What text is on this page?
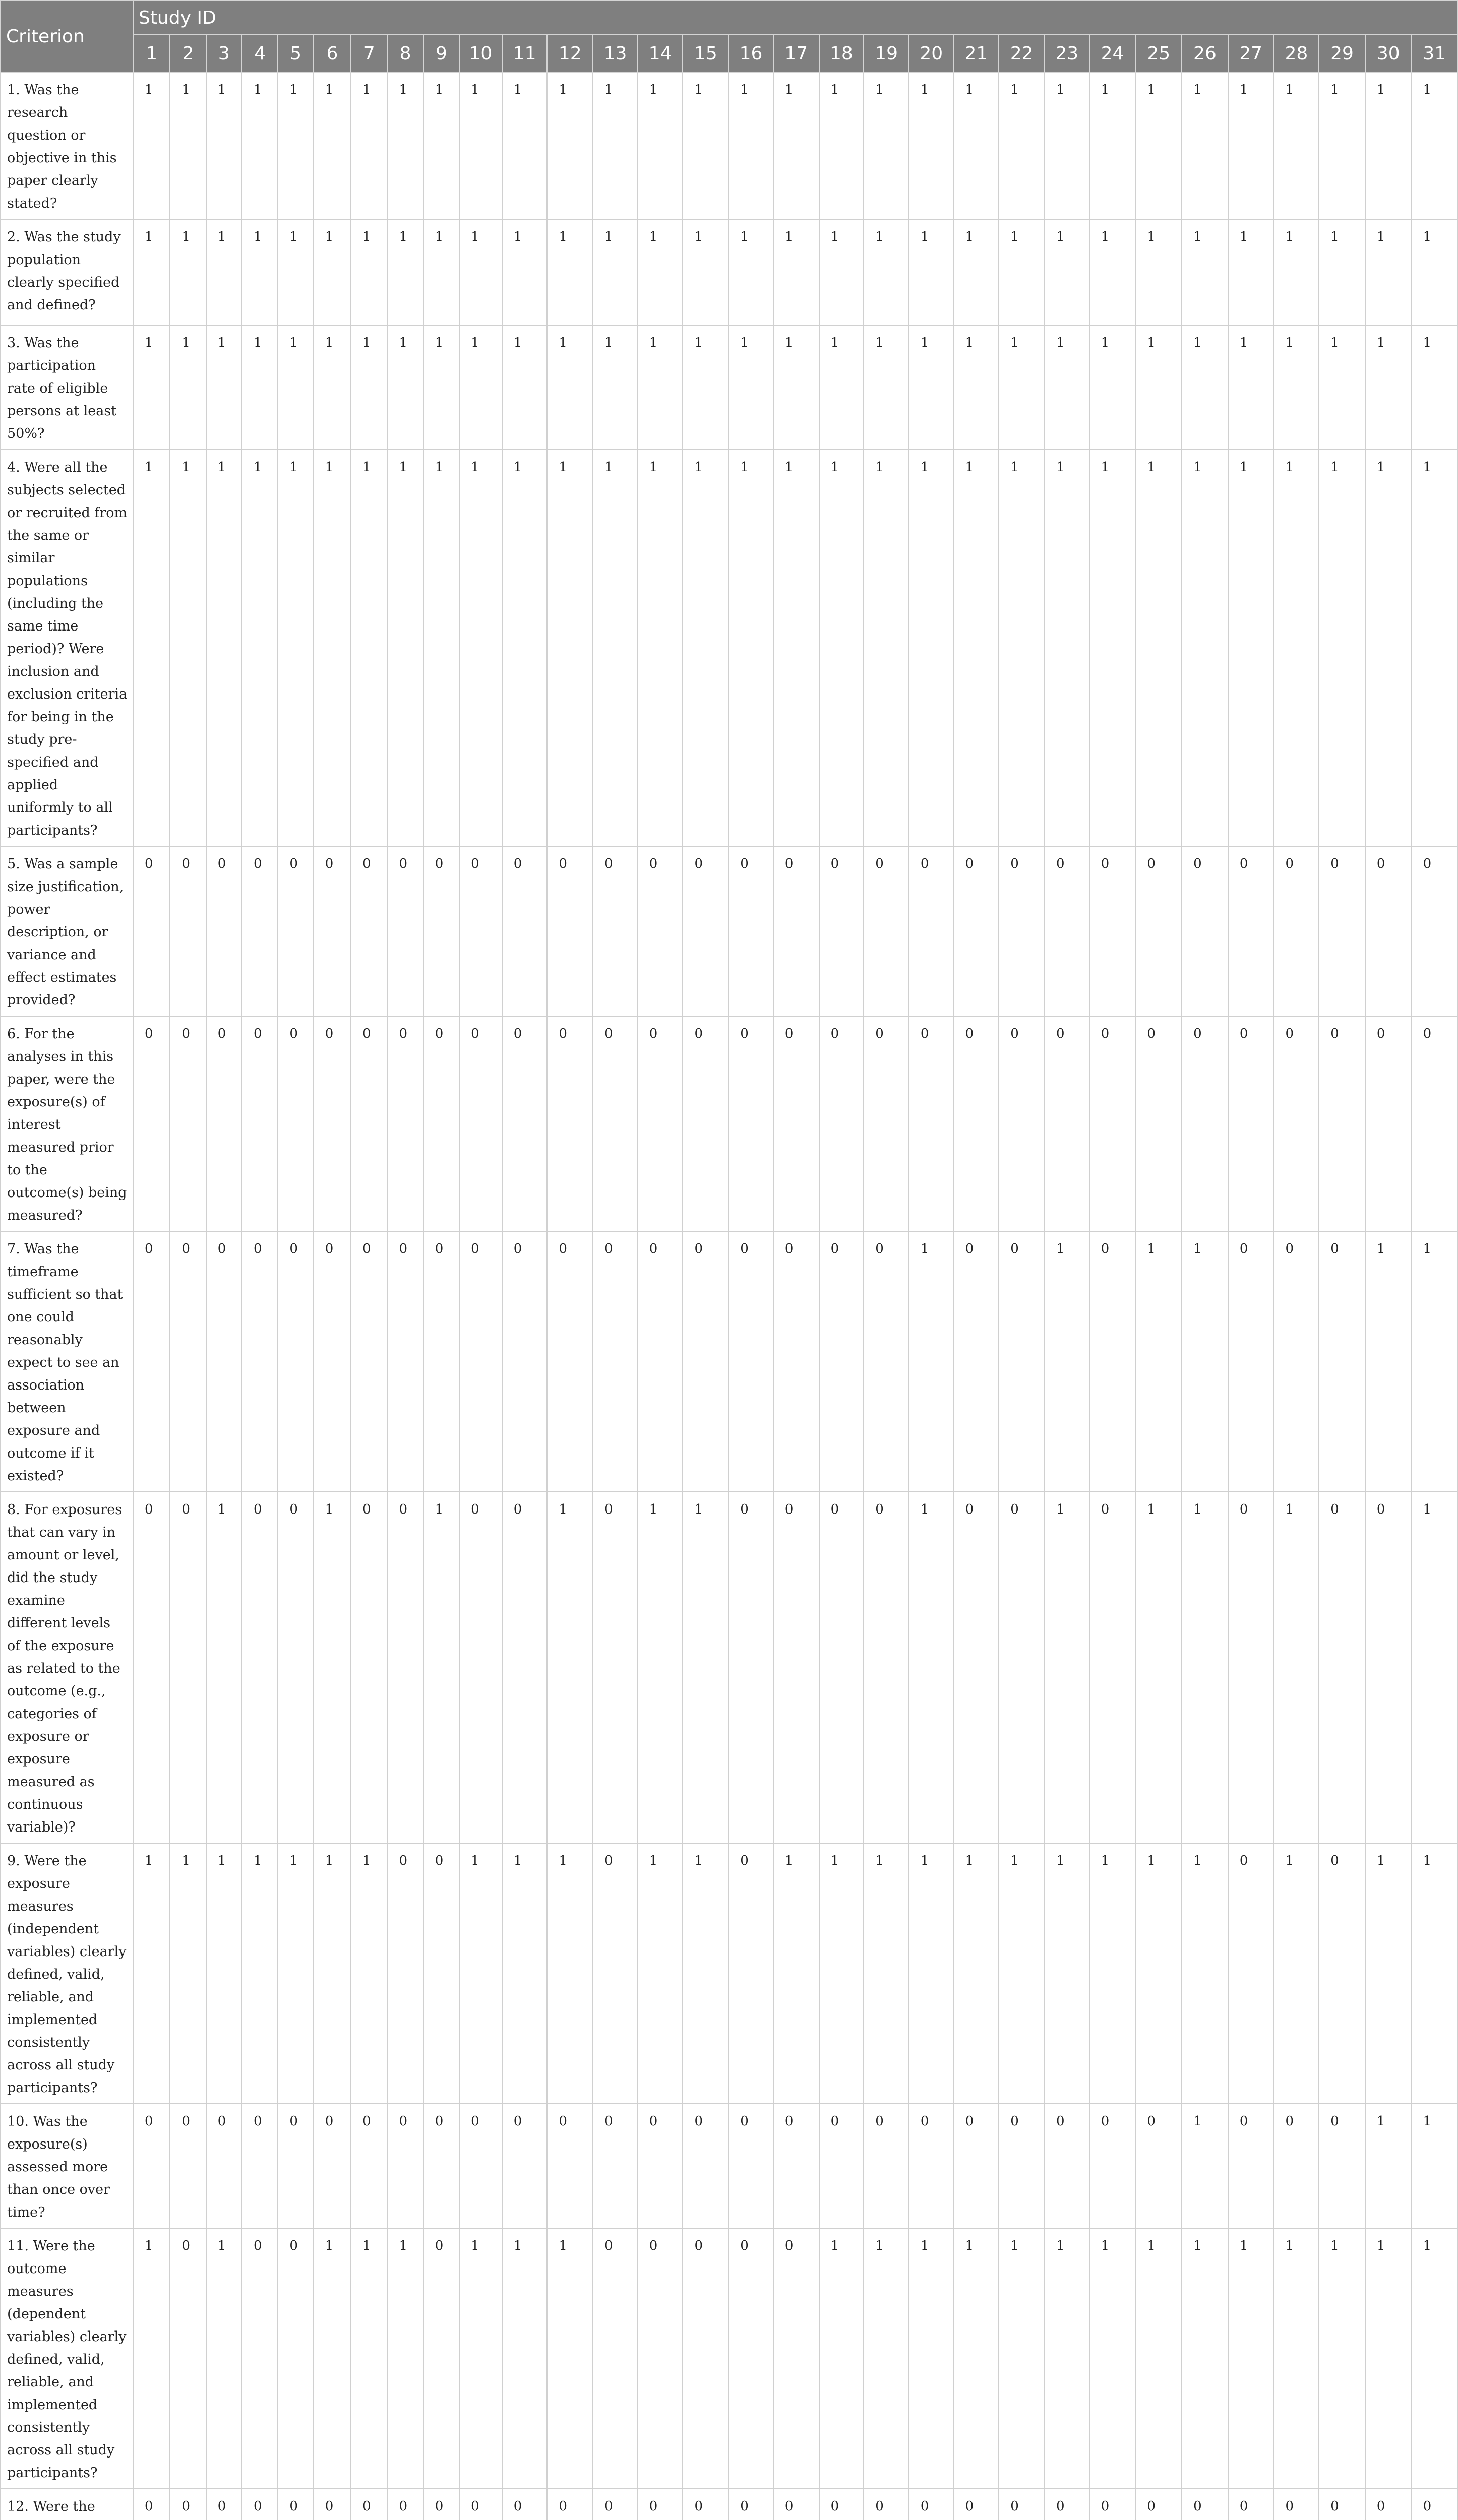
Criterion	Study ID																														
	1	2	3	4	5	6	7	8	9	10	11	12	13	14	15	16	17	18	19	20	21	22	23	24	25	26	27	28	29	30	31
1. Was the research question or objective in this paper clearly stated?	1	1	1	1	1	1	1	1	1	1	1	1	1	1	1	1	1	1	1	1	1	1	1	1	1	1	1	1	1	1	1
2. Was the study population clearly specified and defined?	1	1	1	1	1	1	1	1	1	1	1	1	1	1	1	1	1	1	1	1	1	1	1	1	1	1	1	1	1	1	1
3. Was the participation rate of eligible persons at least 50%?	1	1	1	1	1	1	1	1	1	1	1	1	1	1	1	1	1	1	1	1	1	1	1	1	1	1	1	1	1	1	1
4. Were all the subjects selected or recruited from the same or similar populations (including the same time period)? Were inclusion and exclusion criteria for being in the study pre-specified and applied uniformly to all participants?	1	1	1	1	1	1	1	1	1	1	1	1	1	1	1	1	1	1	1	1	1	1	1	1	1	1	1	1	1	1	1
5. Was a sample size justification, power description, or variance and effect estimates provided?	0	0	0	0	0	0	0	0	0	0	0	0	0	0	0	0	0	0	0	0	0	0	0	0	0	0	0	0	0	0	0
6. For the analyses in this paper, were the exposure(s) of interest measured prior to the outcome(s) being measured?	0	0	0	0	0	0	0	0	0	0	0	0	0	0	0	0	0	0	0	0	0	0	0	0	0	0	0	0	0	0	0
7. Was the timeframe sufficient so that one could reasonably expect to see an association between exposure and outcome if it existed?	0	0	0	0	0	0	0	0	0	0	0	0	0	0	0	0	0	0	0	1	0	0	1	0	1	1	0	0	0	1	1
8. For exposures that can vary in amount or level, did the study examine different levels of the exposure as related to the outcome (e.g., categories of exposure or exposure measured as continuous variable)?	0	0	1	0	0	1	0	0	1	0	0	1	0	1	1	0	0	0	0	1	0	0	1	0	1	1	0	1	0	0	1
9. Were the exposure measures (independent variables) clearly defined, valid, reliable, and implemented consistently across all study participants?	1	1	1	1	1	1	1	0	0	1	1	1	0	1	1	0	1	1	1	1	1	1	1	1	1	1	0	1	0	1	1
10. Was the exposure(s) assessed more than once over time?	0	0	0	0	0	0	0	0	0	0	0	0	0	0	0	0	0	0	0	0	0	0	0	0	0	1	0	0	0	1	1
11. Were the outcome measures (dependent variables) clearly defined, valid, reliable, and implemented consistently across all study participants?	1	0	1	0	0	1	1	1	0	1	1	1	0	0	0	0	0	1	1	1	1	1	1	1	1	1	1	1	1	1	1
12. Were the	0	0	0	0	0	0	0	0	0	0	0	0	0	0	0	0	0	0	0	0	0	0	0	0	0	0	0	0	0	0	0
